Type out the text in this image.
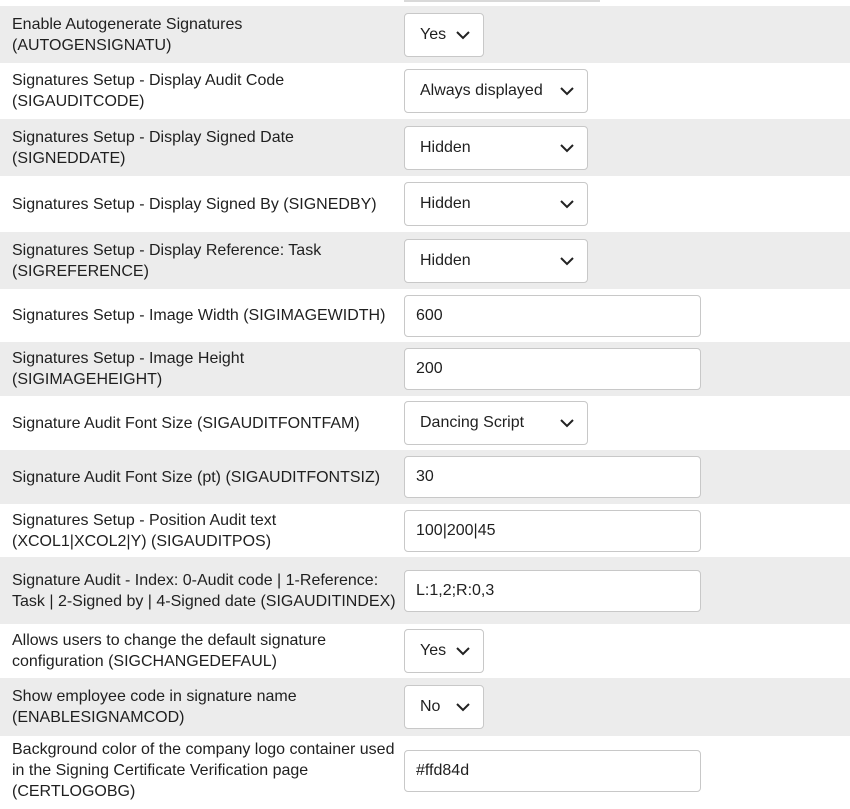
Enable Autogenerate Signatures (AUTOGENSIGNATU)
Yes
Signatures Setup - Display Audit Code (SIGAUDITCODE)
Always displayed
Signatures Setup - Display Signed Date (SIGNEDDATE)
Hidden
Signatures Setup - Display Signed By (SIGNEDBY)	Hidden
Signatures Setup - Display Reference: Task (SIGREFERENCE)
Hidden
Signatures Setup - Image Width (SIGIMAGEWIDTH)
600
Signatures Setup - Image Height (SIGIMAGEHEIGHT)
200
Signature Audit Font Size (SIGAUDITFONTFAM)	Dancing Script
Signature Audit Font Size (pt) (SIGAUDITFONTSIZ)
30
Signatures Setup - Position Audit text (XCOL1|XCOL2|Y) (SIGAUDITPOS)
100|200|45
Signature Audit - Index: 0-Audit code | 1-Reference: Task | 2-Signed by | 4-Signed date (SIGAUDITINDEX)
L:1,2;R:0,3
Allows users to change the default signature configuration (SIGCHANGEDEFAUL)
Yes
Show employee code in signature name (ENABLESIGNAMCOD)
No
Background color of the company logo container used in the Signing Certificate Verification page (CERTLOGOBG)
#ffd84d
